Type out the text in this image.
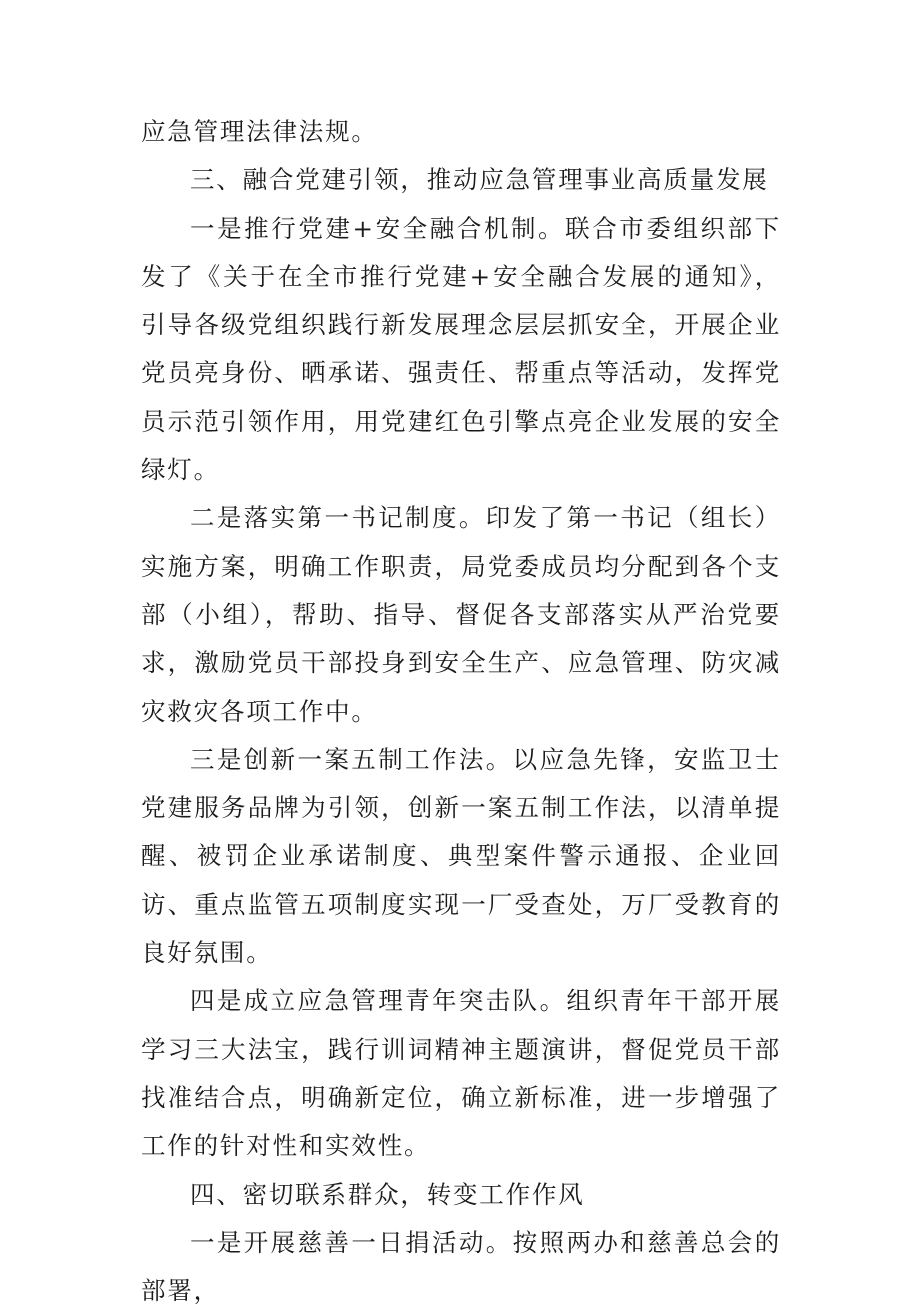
应急管理法律法规。

三、融合党建引领，推动应急管理事业高质量发展

一是推行党建+安全融合机制。联合市委组织部下发了《关于在全市推行党建+安全融合发展的通知》，引导各级党组织践行新发展理念层层抓安全，开展企业党员亮身份、晒承诺、强责任、帮重点等活动，发挥党员示范引领作用，用党建红色引擎点亮企业发展的安全绿灯。

二是落实第一书记制度。印发了第一书记（组长）实施方案，明确工作职责，局党委成员均分配到各个支部（小组），帮助、指导、督促各支部落实从严治党要求，激励党员干部投身到安全生产、应急管理、防灾减灾救灾各项工作中。

三是创新一案五制工作法。以应急先锋，安监卫士党建服务品牌为引领，创新一案五制工作法，以清单提醒、被罚企业承诺制度、典型案件警示通报、企业回访、重点监管五项制度实现一厂受查处，万厂受教育的良好氛围。

四是成立应急管理青年突击队。组织青年干部开展学习三大法宝，践行训词精神主题演讲，督促党员干部找准结合点，明确新定位，确立新标准，进一步增强了工作的针对性和实效性。

四、密切联系群众，转变工作作风

一是开展慈善一日捐活动。按照两办和慈善总会的部署，
